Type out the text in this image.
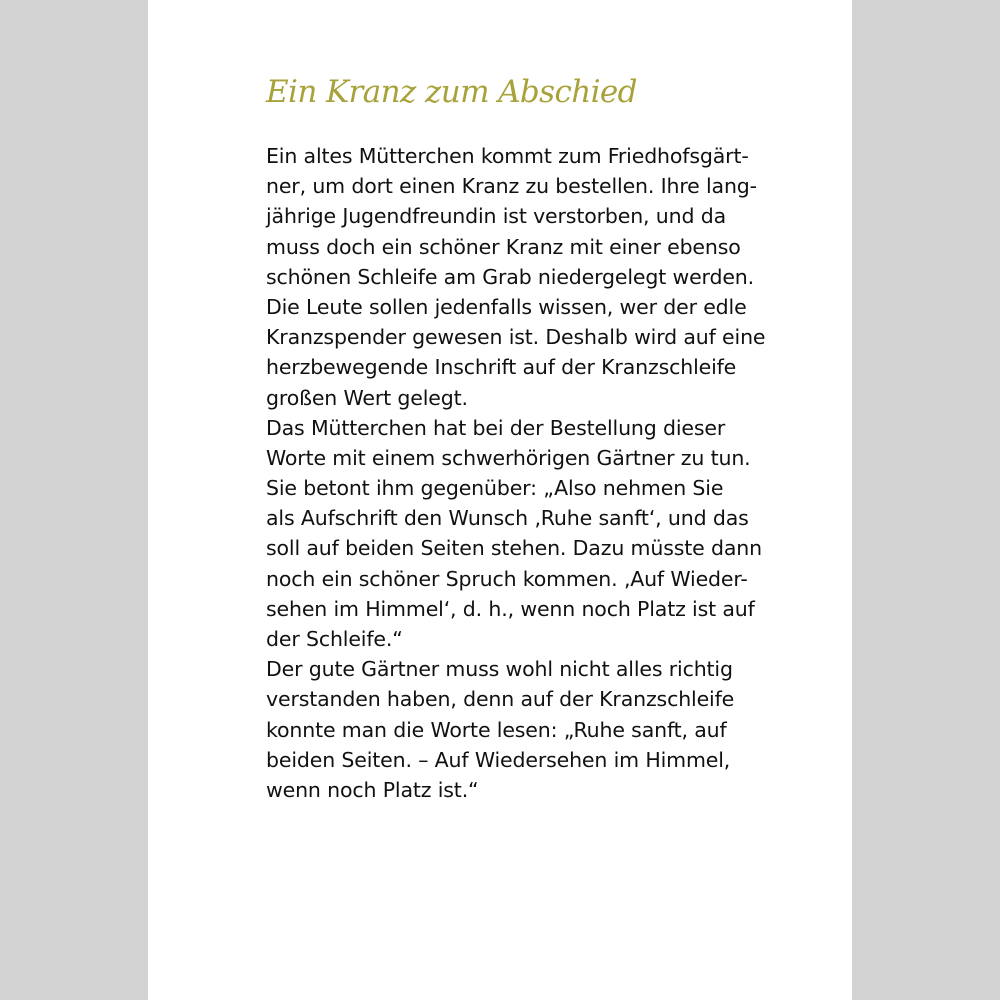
Ein Kranz zum Abschied
Ein altes Mütterchen kommt zum Friedhofsgärt-
ner, um dort einen Kranz zu bestellen. Ihre lang-
jährige Jugendfreundin ist verstorben, und da
muss doch ein schöner Kranz mit einer ebenso
schönen Schleife am Grab niedergelegt werden.
Die Leute sollen jedenfalls wissen, wer der edle
Kranzspender gewesen ist. Deshalb wird auf eine
herzbewegende Inschrift auf der Kranzschleife
großen Wert gelegt.
Das Mütterchen hat bei der Bestellung dieser
Worte mit einem schwerhörigen Gärtner zu tun.
Sie betont ihm gegenüber: „Also nehmen Sie
als Aufschrift den Wunsch ‚Ruhe sanft‘, und das
soll auf beiden Seiten stehen. Dazu müsste dann
noch ein schöner Spruch kommen. ‚Auf Wieder-
sehen im Himmel‘, d. h., wenn noch Platz ist auf
der Schleife.“
Der gute Gärtner muss wohl nicht alles richtig
verstanden haben, denn auf der Kranzschleife
konnte man die Worte lesen: „Ruhe sanft, auf
beiden Seiten. – Auf Wiedersehen im Himmel,
wenn noch Platz ist.“
